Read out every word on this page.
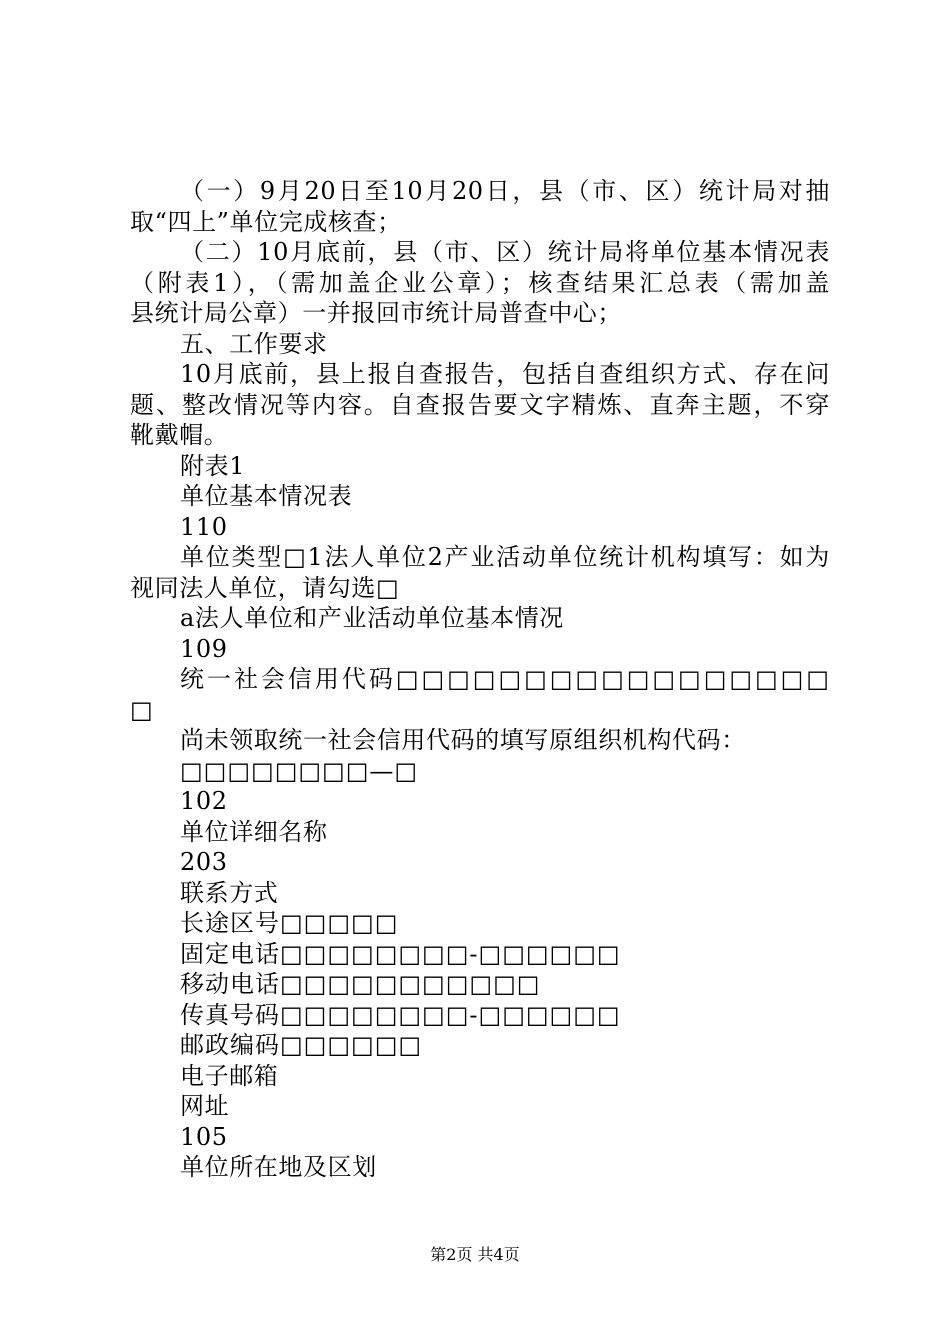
（一）9月20日至10月20日，县（市、区）统计局对抽
取“四上”单位完成核查；
（二）10月底前，县（市、区）统计局将单位基本情况表
（附表1），（需加盖企业公章）；核查结果汇总表（需加盖
县统计局公章）一并报回市统计局普查中心；
五、工作要求
10月底前，县上报自查报告，包括自查组织方式、存在问
题、整改情况等内容。自查报告要文字精炼、直奔主题，不穿
靴戴帽。
附表1
单位基本情况表
110
单位类型□1法人单位2产业活动单位统计机构填写：如为
视同法人单位，请勾选□
a法人单位和产业活动单位基本情况
109
统一社会信用代码□□□□□□□□□□□□□□□□□
□
尚未领取统一社会信用代码的填写原组织机构代码：
□□□□□□□□—□
102
单位详细名称
203
联系方式
长途区号□□□□□
固定电话□□□□□□□□-□□□□□□
移动电话□□□□□□□□□□□
传真号码□□□□□□□□-□□□□□□
邮政编码□□□□□□
电子邮箱
网址
105
单位所在地及区划
第2页 共4页
